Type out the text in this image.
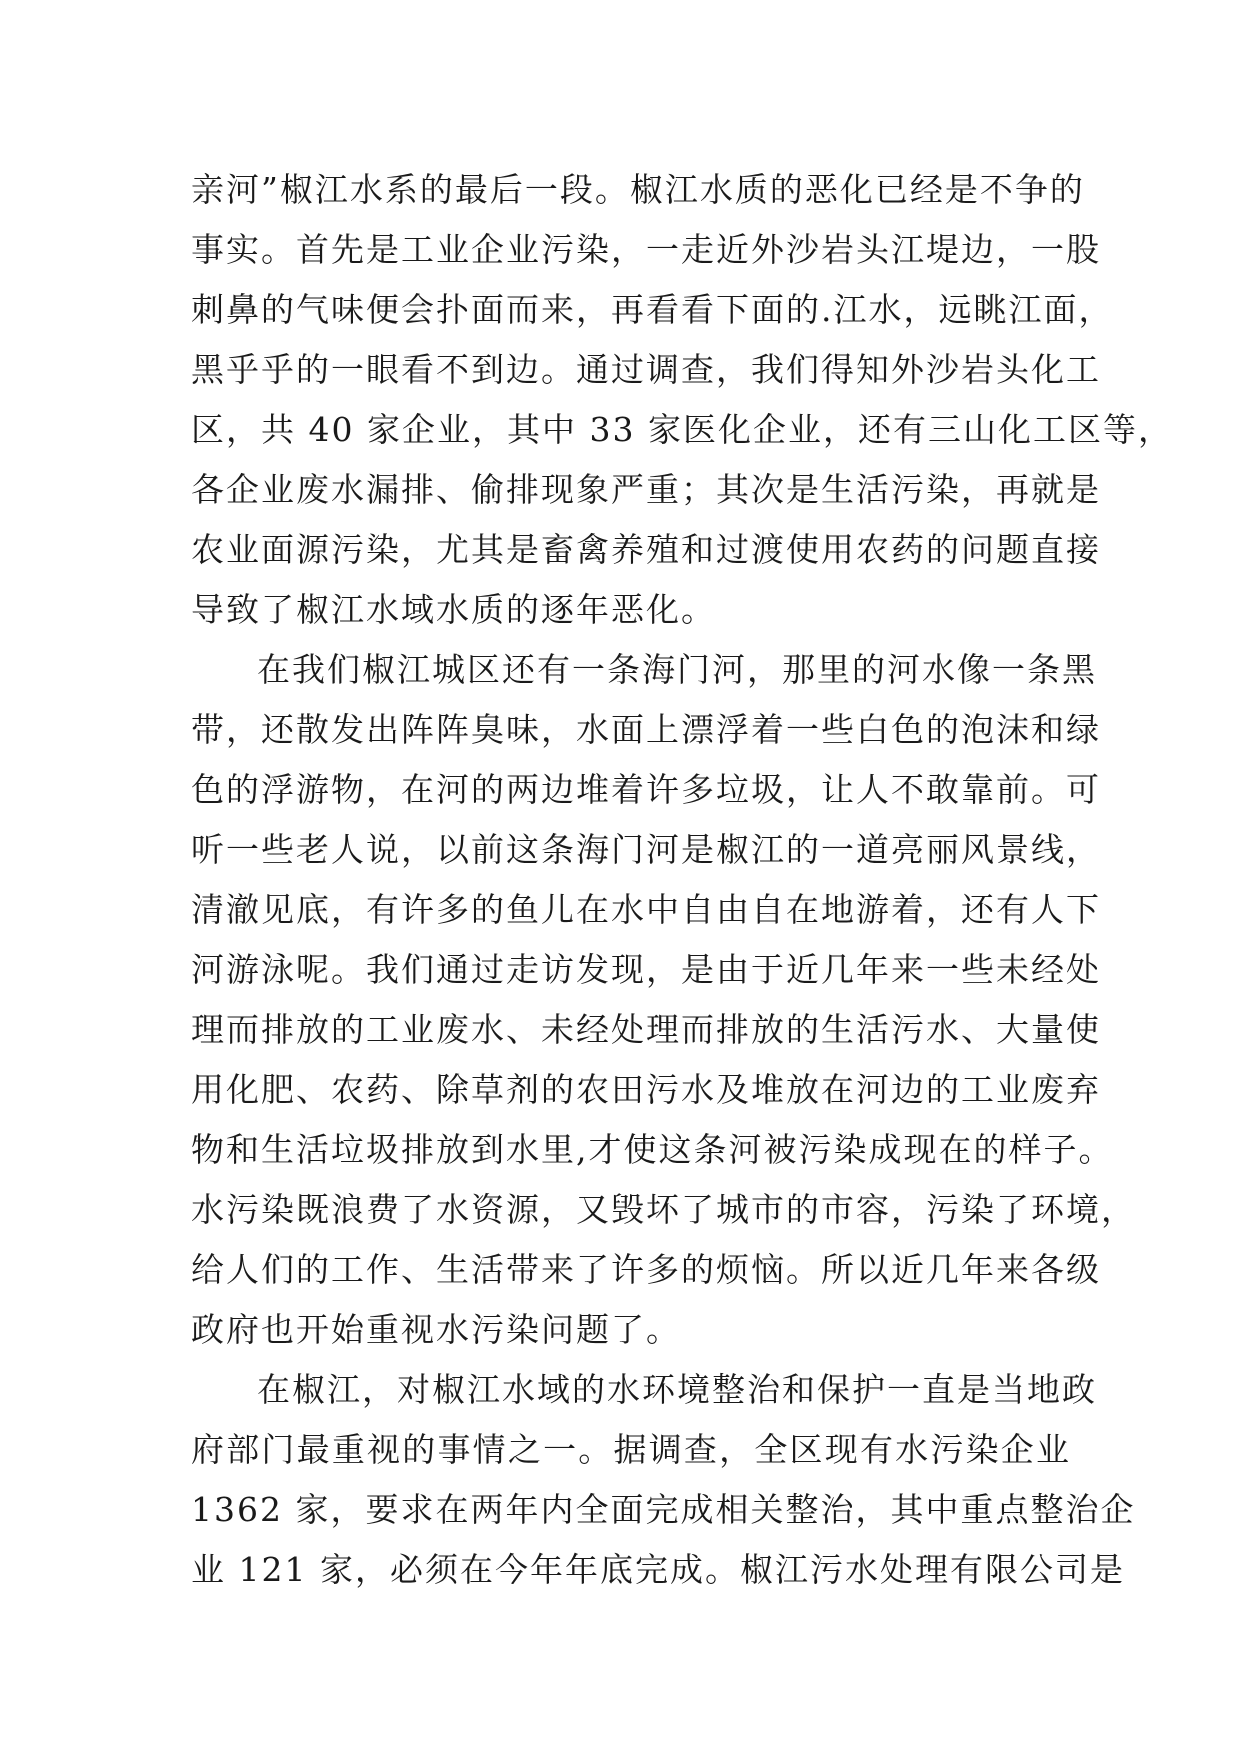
亲河”椒江水系的最后一段。椒江水质的恶化已经是不争的
事实。首先是工业企业污染，一走近外沙岩头江堤边，一股
刺鼻的气味便会扑面而来，再看看下面的.江水，远眺江面，
黑乎乎的一眼看不到边。通过调查，我们得知外沙岩头化工
区，共 40 家企业，其中 33 家医化企业，还有三山化工区等，
各企业废水漏排、偷排现象严重；其次是生活污染，再就是
农业面源污染，尤其是畜禽养殖和过渡使用农药的问题直接
导致了椒江水域水质的逐年恶化。
在我们椒江城区还有一条海门河，那里的河水像一条黑
带，还散发出阵阵臭味，水面上漂浮着一些白色的泡沫和绿
色的浮游物，在河的两边堆着许多垃圾，让人不敢靠前。可
听一些老人说，以前这条海门河是椒江的一道亮丽风景线，
清澈见底，有许多的鱼儿在水中自由自在地游着，还有人下
河游泳呢。我们通过走访发现，是由于近几年来一些未经处
理而排放的工业废水、未经处理而排放的生活污水、大量使
用化肥、农药、除草剂的农田污水及堆放在河边的工业废弃
物和生活垃圾排放到水里,才使这条河被污染成现在的样子。
水污染既浪费了水资源，又毁坏了城市的市容，污染了环境，
给人们的工作、生活带来了许多的烦恼。所以近几年来各级
政府也开始重视水污染问题了。
在椒江，对椒江水域的水环境整治和保护一直是当地政
府部门最重视的事情之一。据调查，全区现有水污染企业
1362 家，要求在两年内全面完成相关整治，其中重点整治企
业 121 家，必须在今年年底完成。椒江污水处理有限公司是
